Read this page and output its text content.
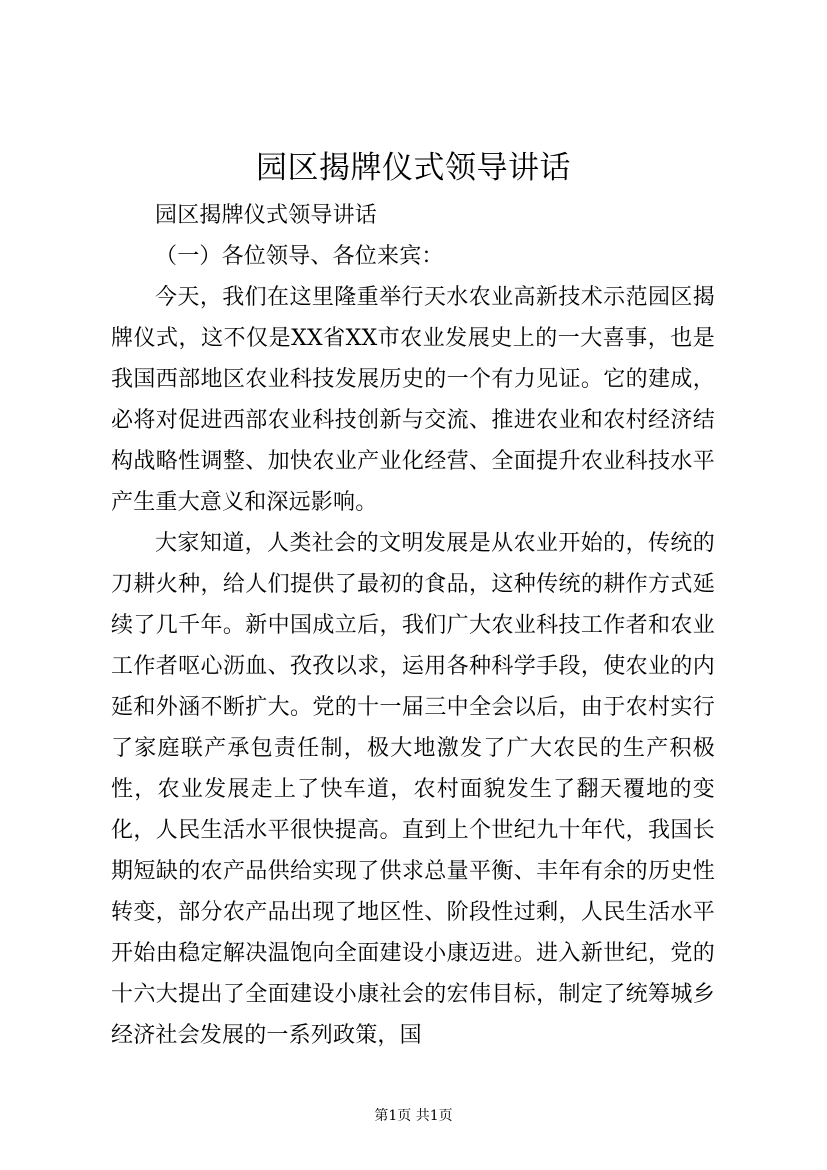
园区揭牌仪式领导讲话

园区揭牌仪式领导讲话

（一）各位领导、各位来宾：

今天，我们在这里隆重举行天水农业高新技术示范园区揭牌仪式，这不仅是XX省XX市农业发展史上的一大喜事，也是我国西部地区农业科技发展历史的一个有力见证。它的建成，必将对促进西部农业科技创新与交流、推进农业和农村经济结构战略性调整、加快农业产业化经营、全面提升农业科技水平产生重大意义和深远影响。

大家知道，人类社会的文明发展是从农业开始的，传统的刀耕火种，给人们提供了最初的食品，这种传统的耕作方式延续了几千年。新中国成立后，我们广大农业科技工作者和农业工作者呕心沥血、孜孜以求，运用各种科学手段，使农业的内延和外涵不断扩大。党的十一届三中全会以后，由于农村实行了家庭联产承包责任制，极大地激发了广大农民的生产积极性，农业发展走上了快车道，农村面貌发生了翻天覆地的变化，人民生活水平很快提高。直到上个世纪九十年代，我国长期短缺的农产品供给实现了供求总量平衡、丰年有余的历史性转变，部分农产品出现了地区性、阶段性过剩，人民生活水平开始由稳定解决温饱向全面建设小康迈进。进入新世纪，党的十六大提出了全面建设小康社会的宏伟目标，制定了统筹城乡经济社会发展的一系列政策，国

第1页 共1页
